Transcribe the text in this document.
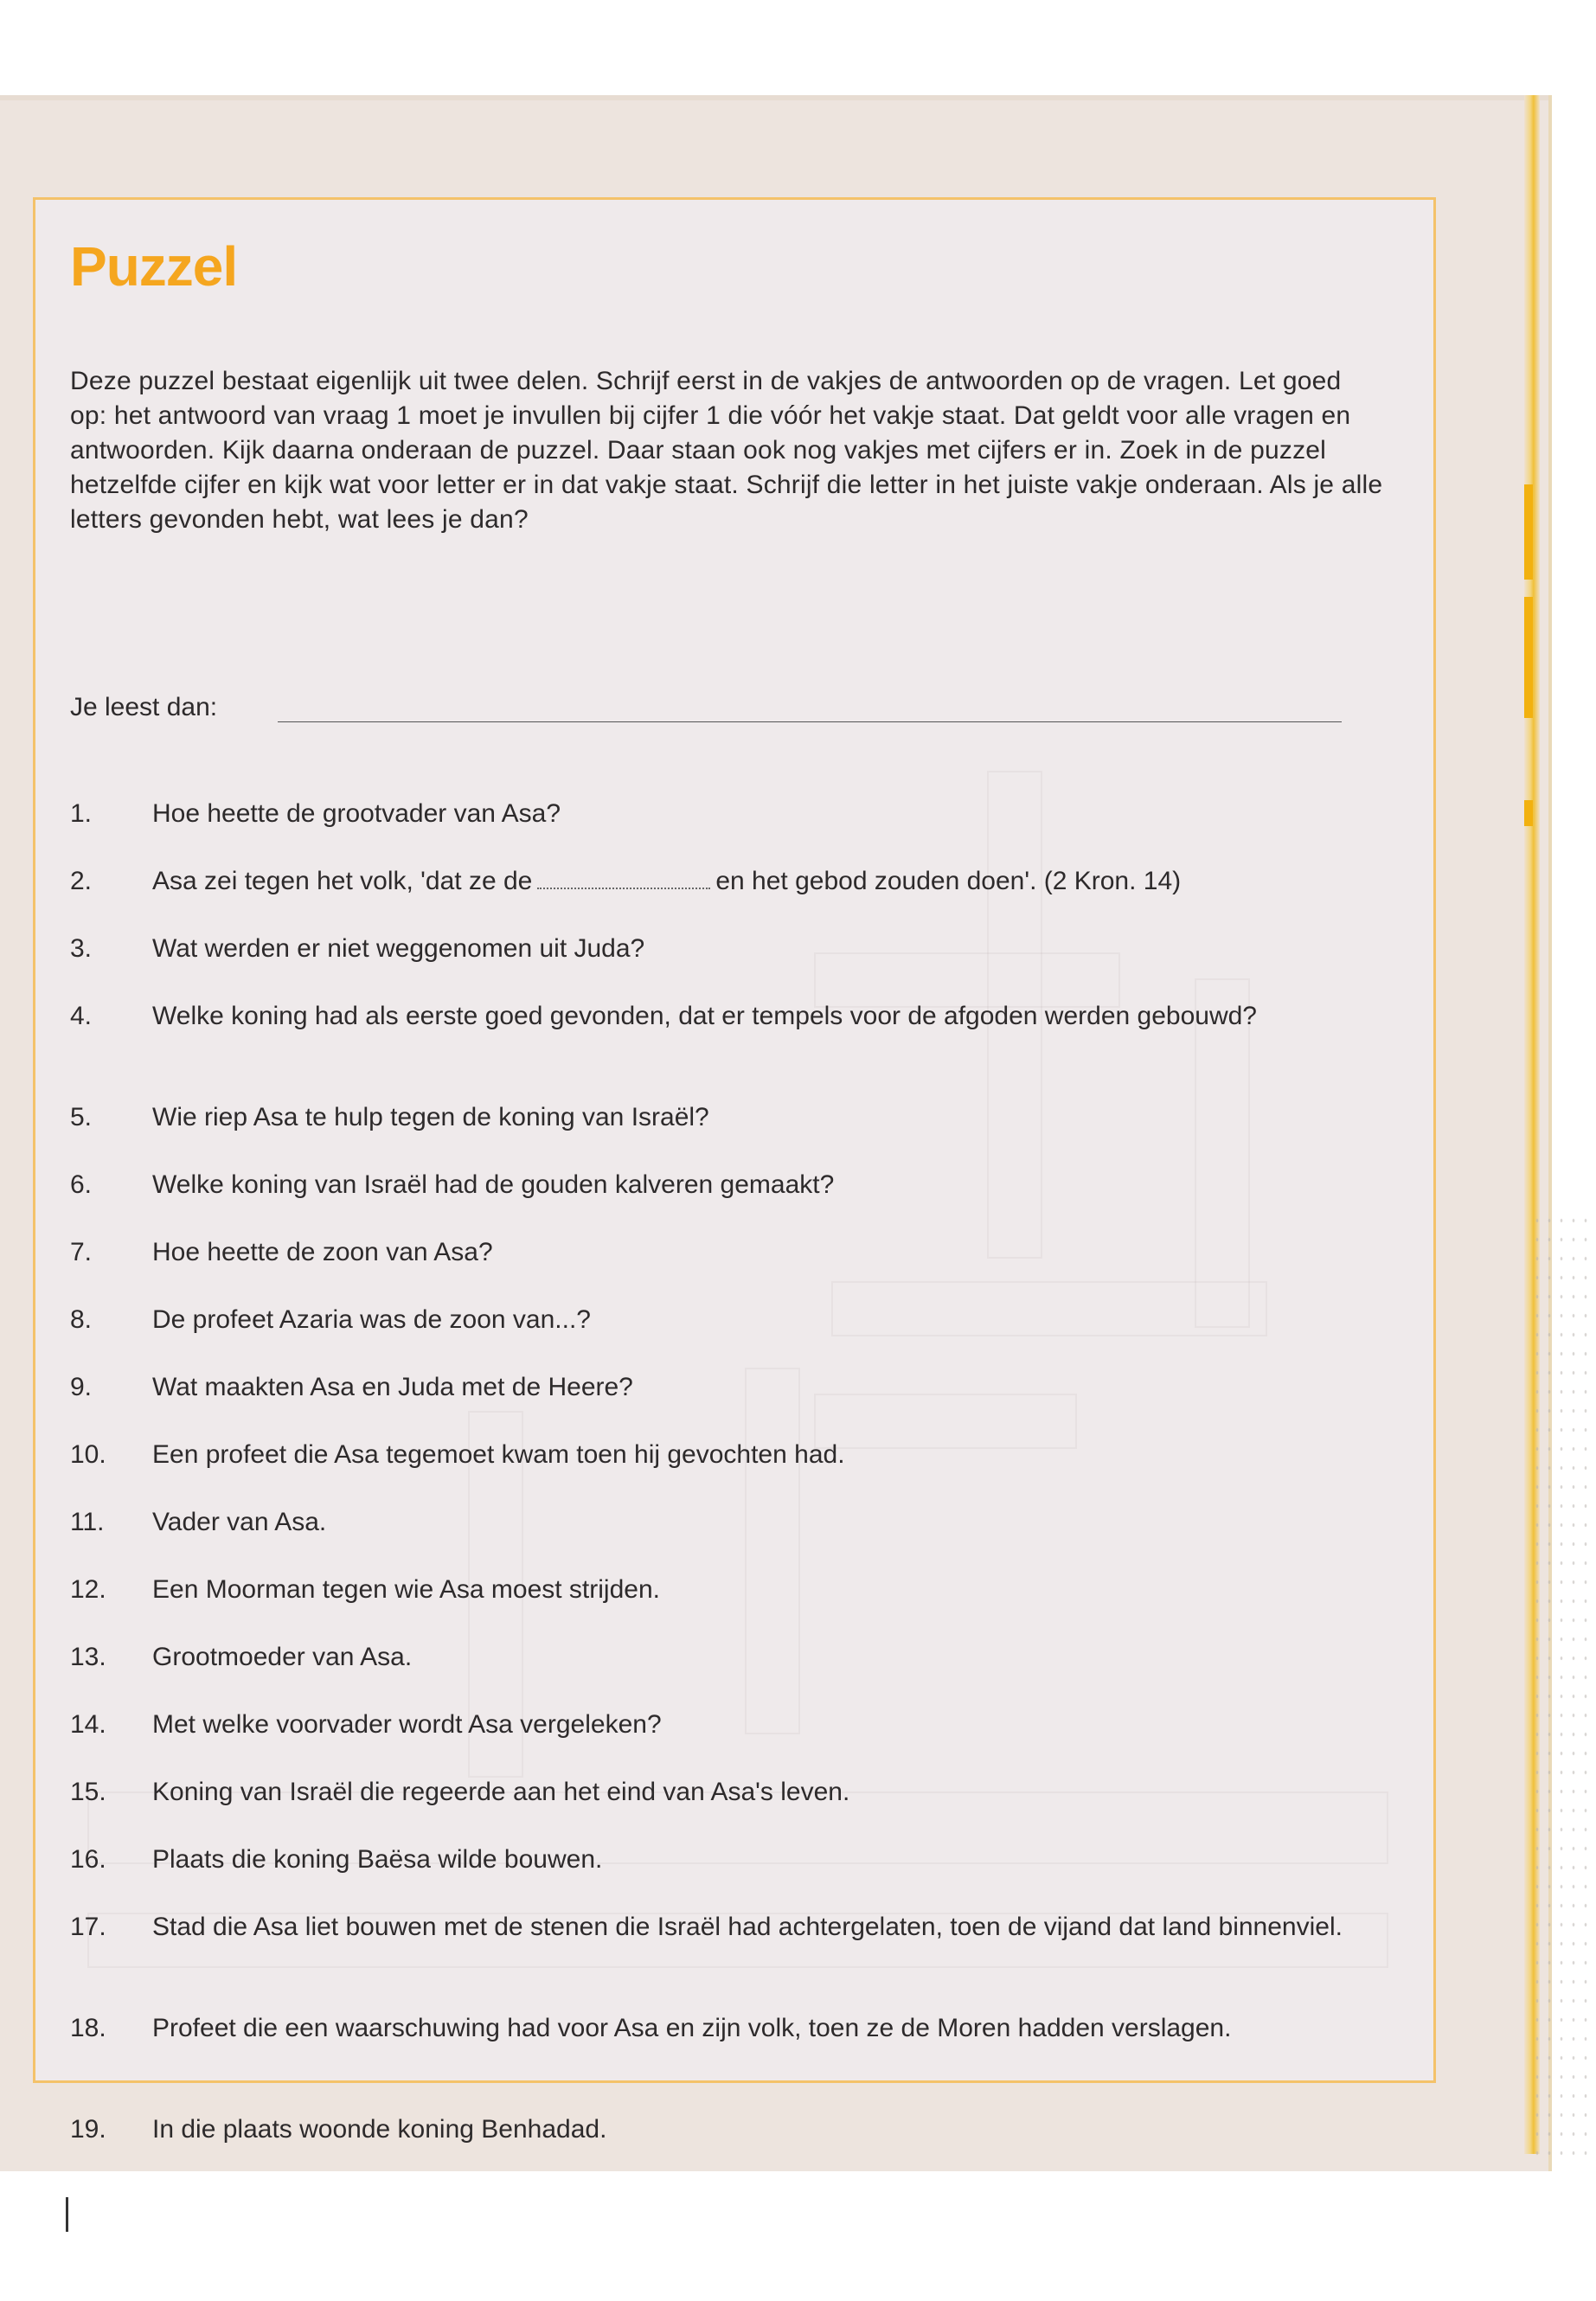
Puzzel
Deze puzzel bestaat eigenlijk uit twee delen. Schrijf eerst in de vakjes de antwoorden op de vragen. Let goed op: het antwoord van vraag 1 moet je invullen bij cijfer 1 die vóór het vakje staat. Dat geldt voor alle vragen en antwoorden. Kijk daarna onderaan de puzzel. Daar staan ook nog vakjes met cijfers er in. Zoek in de puzzel hetzelfde cijfer en kijk wat voor letter er in dat vakje staat. Schrijf die letter in het juiste vakje onderaan. Als je alle letters gevonden hebt, wat lees je dan?
Je leest dan:
1.	Hoe heette de grootvader van Asa?
2.	Asa zei tegen het volk, 'dat ze de	en het gebod zouden doen'. (2 Kron. 14)
3.	Wat werden er niet weggenomen uit Juda?
4.	Welke koning had als eerste goed gevonden, dat er tempels voor de afgoden werden gebouwd?
5.	Wie riep Asa te hulp tegen de koning van Israël?
6.	Welke koning van Israël had de gouden kalveren gemaakt?
7.	Hoe heette de zoon van Asa?
8.	De profeet Azaria was de zoon van...?
9.	Wat maakten Asa en Juda met de Heere?
10.	Een profeet die Asa tegemoet kwam toen hij gevochten had.
11.	Vader van Asa.
12.	Een Moorman tegen wie Asa moest strijden.
13.	Grootmoeder van Asa.
14.	Met welke voorvader wordt Asa vergeleken?
15.	Koning van Israël die regeerde aan het eind van Asa's leven.
16.	Plaats die koning Baësa wilde bouwen.
17.	Stad die Asa liet bouwen met de stenen die Israël had achtergelaten, toen de vijand dat land binnenviel.
18.	Profeet die een waarschuwing had voor Asa en zijn volk, toen ze de Moren hadden verslagen.
19.	In die plaats woonde koning Benhadad.
